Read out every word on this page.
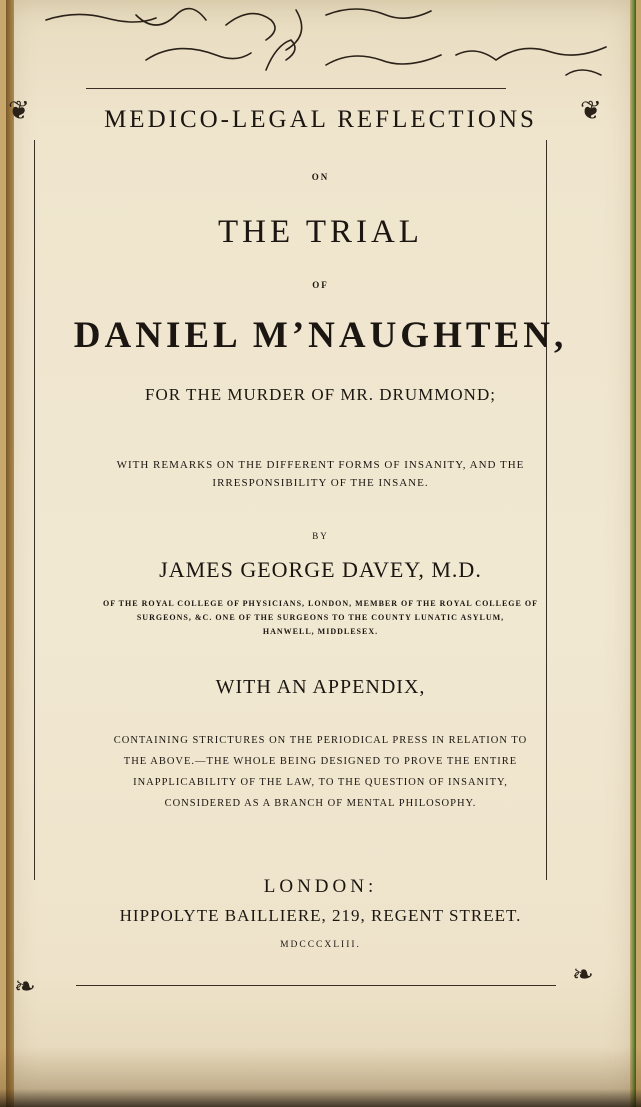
❦	❦
❧	❧
MEDICO-LEGAL REFLECTIONS
ON
THE TRIAL
OF
DANIEL M’NAUGHTEN,
FOR THE MURDER OF MR. DRUMMOND;
WITH REMARKS ON THE DIFFERENT FORMS OF INSANITY, AND THE
IRRESPONSIBILITY OF THE INSANE.
BY
JAMES GEORGE DAVEY, M.D.
OF THE ROYAL COLLEGE OF PHYSICIANS, LONDON, MEMBER OF THE ROYAL COLLEGE OF
SURGEONS, &C. ONE OF THE SURGEONS TO THE COUNTY LUNATIC ASYLUM,
HANWELL, MIDDLESEX.
WITH AN APPENDIX,
CONTAINING STRICTURES ON THE PERIODICAL PRESS IN RELATION TO
THE ABOVE.—THE WHOLE BEING DESIGNED TO PROVE THE ENTIRE
INAPPLICABILITY OF THE LAW, TO THE QUESTION OF INSANITY,
CONSIDERED AS A BRANCH OF MENTAL PHILOSOPHY.
LONDON:
HIPPOLYTE BAILLIERE, 219, REGENT STREET.
MDCCCXLIII.
